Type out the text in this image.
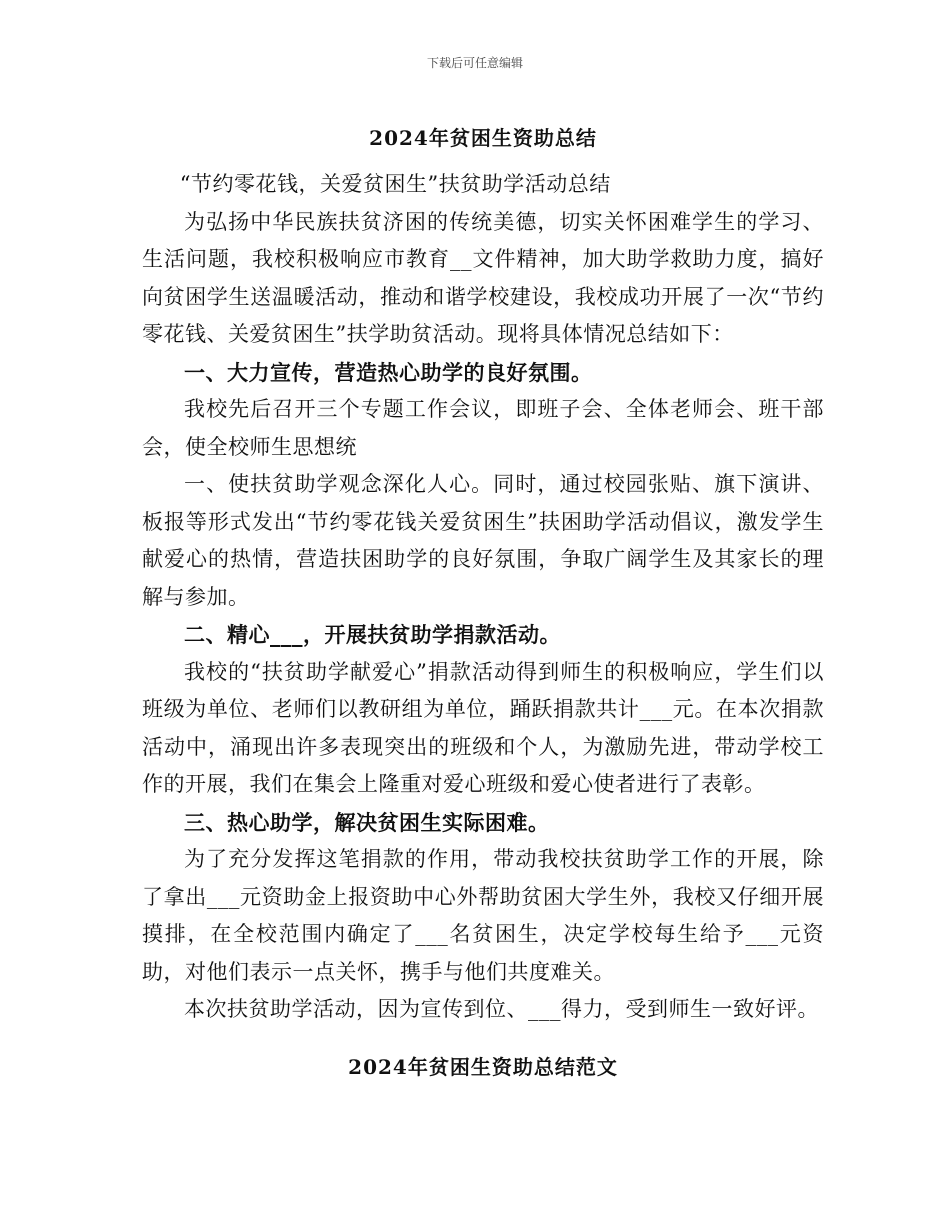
下载后可任意编辑
2024年贫困生资助总结

“节约零花钱，关爱贫困生”扶贫助学活动总结

为弘扬中华民族扶贫济困的传统美德，切实关怀困难学生的学习、生活问题，我校积极响应市教育__文件精神，加大助学救助力度，搞好向贫困学生送温暖活动，推动和谐学校建设，我校成功开展了一次“节约零花钱、关爱贫困生”扶学助贫活动。现将具体情况总结如下：

一、大力宣传，营造热心助学的良好氛围。

我校先后召开三个专题工作会议，即班子会、全体老师会、班干部会，使全校师生思想统

一、使扶贫助学观念深化人心。同时，通过校园张贴、旗下演讲、板报等形式发出“节约零花钱关爱贫困生”扶困助学活动倡议，激发学生献爱心的热情，营造扶困助学的良好氛围，争取广阔学生及其家长的理解与参加。

二、精心___，开展扶贫助学捐款活动。

我校的“扶贫助学献爱心”捐款活动得到师生的积极响应，学生们以班级为单位、老师们以教研组为单位，踊跃捐款共计___元。在本次捐款活动中，涌现出许多表现突出的班级和个人，为激励先进，带动学校工作的开展，我们在集会上隆重对爱心班级和爱心使者进行了表彰。

三、热心助学，解决贫困生实际困难。

为了充分发挥这笔捐款的作用，带动我校扶贫助学工作的开展，除了拿出___元资助金上报资助中心外帮助贫困大学生外，我校又仔细开展摸排，在全校范围内确定了___名贫困生，决定学校每生给予___元资助，对他们表示一点关怀，携手与他们共度难关。

本次扶贫助学活动，因为宣传到位、___得力，受到师生一致好评。

2024年贫困生资助总结范文
